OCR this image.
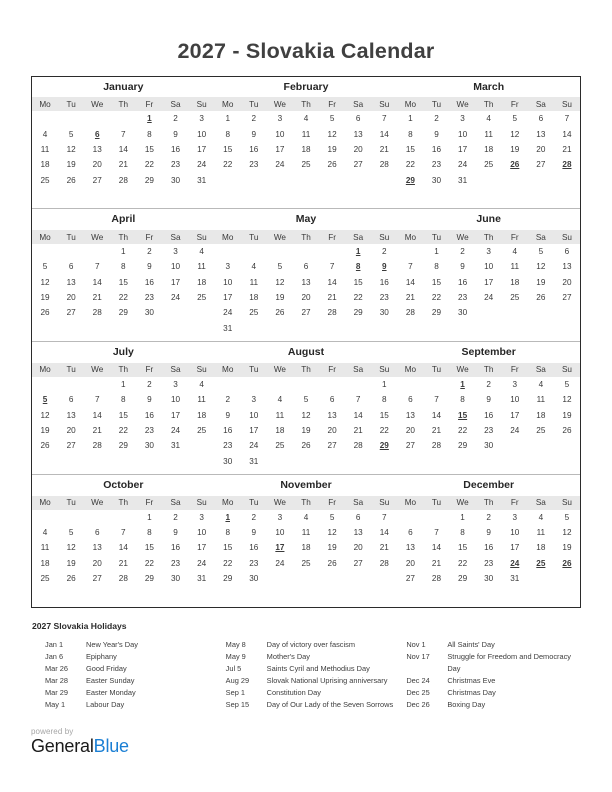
2027 - Slovakia Calendar
January
Mo	Tu	We	Th	Fr	Sa	Su
				1	2	3
4	5	6	7	8	9	10
11	12	13	14	15	16	17
18	19	20	21	22	23	24
25	26	27	28	29	30	31

February
Mo	Tu	We	Th	Fr	Sa	Su
1	2	3	4	5	6	7
8	9	10	11	12	13	14
15	16	17	18	19	20	21
22	23	24	25	26	27	28

March
Mo	Tu	We	Th	Fr	Sa	Su
1	2	3	4	5	6	7
8	9	10	11	12	13	14
15	16	17	18	19	20	21
22	23	24	25	26	27	28
29	30	31				

April
Mo	Tu	We	Th	Fr	Sa	Su
			1	2	3	4
5	6	7	8	9	10	11
12	13	14	15	16	17	18
19	20	21	22	23	24	25
26	27	28	29	30		

May
Mo	Tu	We	Th	Fr	Sa	Su
					1	2
3	4	5	6	7	8	9
10	11	12	13	14	15	16
17	18	19	20	21	22	23
24	25	26	27	28	29	30
31						
June
Mo	Tu	We	Th	Fr	Sa	Su
	1	2	3	4	5	6
7	8	9	10	11	12	13
14	15	16	17	18	19	20
21	22	23	24	25	26	27
28	29	30				

July
Mo	Tu	We	Th	Fr	Sa	Su
			1	2	3	4
5	6	7	8	9	10	11
12	13	14	15	16	17	18
19	20	21	22	23	24	25
26	27	28	29	30	31	

August
Mo	Tu	We	Th	Fr	Sa	Su
						1
2	3	4	5	6	7	8
9	10	11	12	13	14	15
16	17	18	19	20	21	22
23	24	25	26	27	28	29
30	31					
September
Mo	Tu	We	Th	Fr	Sa	Su
		1	2	3	4	5
6	7	8	9	10	11	12
13	14	15	16	17	18	19
20	21	22	23	24	25	26
27	28	29	30			

October
Mo	Tu	We	Th	Fr	Sa	Su
				1	2	3
4	5	6	7	8	9	10
11	12	13	14	15	16	17
18	19	20	21	22	23	24
25	26	27	28	29	30	31

November
Mo	Tu	We	Th	Fr	Sa	Su
1	2	3	4	5	6	7
8	9	10	11	12	13	14
15	16	17	18	19	20	21
22	23	24	25	26	27	28
29	30					

December
Mo	Tu	We	Th	Fr	Sa	Su
		1	2	3	4	5
6	7	8	9	10	11	12
13	14	15	16	17	18	19
20	21	22	23	24	25	26
27	28	29	30	31		

2027 Slovakia Holidays
Jan 1	New Year's Day
Jan 6	Epiphany
Mar 26	Good Friday
Mar 28	Easter Sunday
Mar 29	Easter Monday
May 1	Labour Day
May 8	Day of victory over fascism
May 9	Mother's Day
Jul 5	Saints Cyril and Methodius Day
Aug 29	Slovak National Uprising anniversary
Sep 1	Constitution Day
Sep 15	Day of Our Lady of the Seven Sorrows
Nov 1	All Saints' Day
Nov 17	Struggle for Freedom and Democracy Day
Dec 24	Christmas Eve
Dec 25	Christmas Day
Dec 26	Boxing Day
powered by
GeneralBlue
